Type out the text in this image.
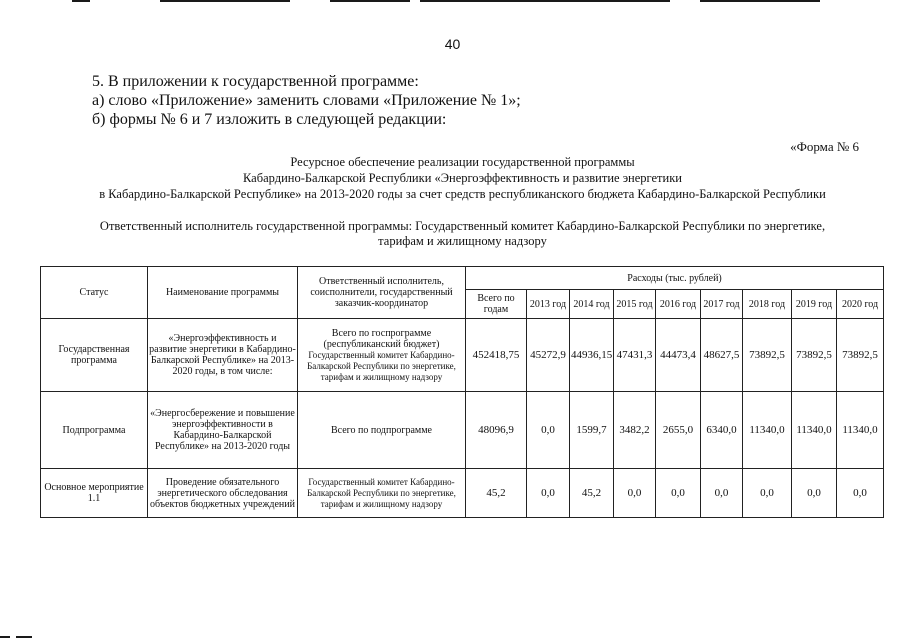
40
5. В приложении к государственной программе:
а) слово «Приложение» заменить словами «Приложение № 1»;
б) формы № 6 и 7 изложить в следующей редакции:
«Форма № 6
Ресурсное обеспечение реализации государственной программы
Кабардино-Балкарской Республики «Энергоэффективность и развитие энергетики
в Кабардино-Балкарской Республике» на 2013-2020 годы за счет средств республиканского бюджета Кабардино-Балкарской Республики
Ответственный исполнитель государственной программы: Государственный комитет Кабардино-Балкарской Республики по энергетике,
тарифам и жилищному надзору
Статус	Наименование программы	Ответственный исполнитель, соисполнители, государственный заказчик-координатор	Расходы (тыс. рублей)								
			Всего по годам	2013 год	2014 год	2015 год	2016 год	2017 год	2018 год	2019 год	2020 год
Государственная программа	«Энергоэффективность и развитие энергетики в Кабардино-Балкарской Республике» на 2013-2020 годы, в том числе:	Всего по госпрограмме (республиканский бюджет)
Государственный комитет Кабардино-Балкарской Республики по энергетике, тарифам и жилищному надзору	452418,75	45272,9	44936,15	47431,3	44473,4	48627,5	73892,5	73892,5	73892,5
Подпрограмма	«Энергосбережение и повышение энергоэффективности в Кабардино-Балкарской Республике» на 2013-2020 годы	Всего по подпрограмме	48096,9	0,0	1599,7	3482,2	2655,0	6340,0	11340,0	11340,0	11340,0
Основное мероприятие 1.1	Проведение обязательного энергетического обследования объектов бюджетных учреждений	Государственный комитет Кабардино-Балкарской Республики по энергетике, тарифам и жилищному надзору	45,2	0,0	45,2	0,0	0,0	0,0	0,0	0,0	0,0
